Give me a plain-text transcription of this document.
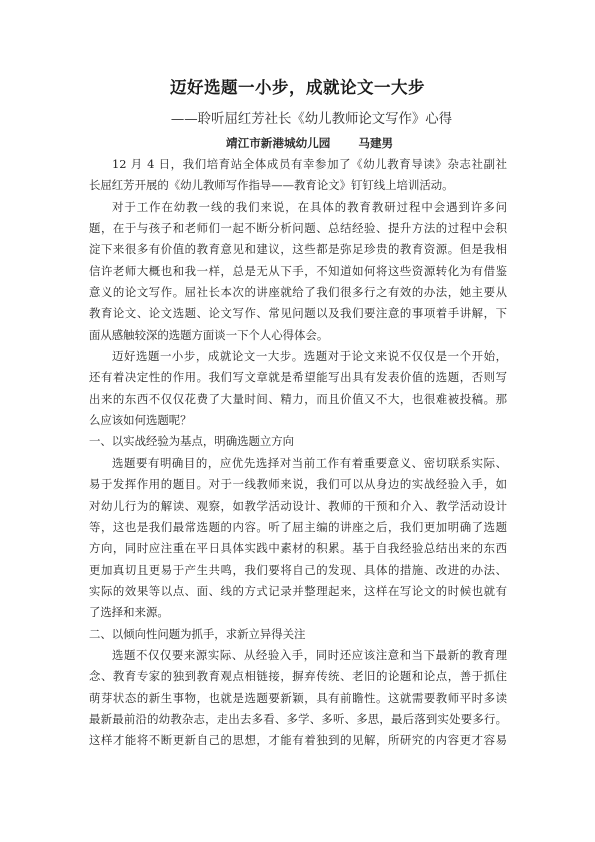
迈好选题一小步，成就论文一大步
——聆听屈红芳社长《幼儿教师论文写作》心得
靖江市新港城幼儿园 马建男
12 月 4 日，我们培育站全体成员有幸参加了《幼儿教育导读》杂志社副社
长屈红芳开展的《幼儿教师写作指导——教育论文》钉钉线上培训活动。
对于工作在幼教一线的我们来说，在具体的教育教研过程中会遇到许多问
题，在于与孩子和老师们一起不断分析问题、总结经验、提升方法的过程中会积
淀下来很多有价值的教育意见和建议，这些都是弥足珍贵的教育资源。但是我相
信许老师大概也和我一样，总是无从下手，不知道如何将这些资源转化为有借鉴
意义的论文写作。屈社长本次的讲座就给了我们很多行之有效的办法，她主要从
教育论文、论文选题、论文写作、常见问题以及我们要注意的事项着手讲解，下
面从感触较深的选题方面谈一下个人心得体会。
迈好选题一小步，成就论文一大步。选题对于论文来说不仅仅是一个开始，
还有着决定性的作用。我们写文章就是希望能写出具有发表价值的选题，否则写
出来的东西不仅仅花费了大量时间、精力，而且价值又不大，也很难被投稿。那
么应该如何选题呢？
一、以实战经验为基点，明确选题立方向
选题要有明确目的，应优先选择对当前工作有着重要意义、密切联系实际、
易于发挥作用的题目。对于一线教师来说，我们可以从身边的实战经验入手，如
对幼儿行为的解读、观察，如教学活动设计、教师的干预和介入、教学活动设计
等，这也是我们最常选题的内容。听了屈主编的讲座之后，我们更加明确了选题
方向，同时应注重在平日具体实践中素材的积累。基于自我经验总结出来的东西
更加真切且更易于产生共鸣，我们要将自己的发现、具体的措施、改进的办法、
实际的效果等以点、面、线的方式记录并整理起来，这样在写论文的时候也就有
了选择和来源。
二、以倾向性问题为抓手，求新立异得关注
选题不仅仅要来源实际、从经验入手，同时还应该注意和当下最新的教育理
念、教育专家的独到教育观点相链接，摒弃传统、老旧的论题和论点，善于抓住
萌芽状态的新生事物，也就是选题要新颖，具有前瞻性。这就需要教师平时多读
最新最前沿的幼教杂志，走出去多看、多学、多听、多思，最后落到实处要多行。
这样才能将不断更新自己的思想，才能有着独到的见解，所研究的内容更才容易
